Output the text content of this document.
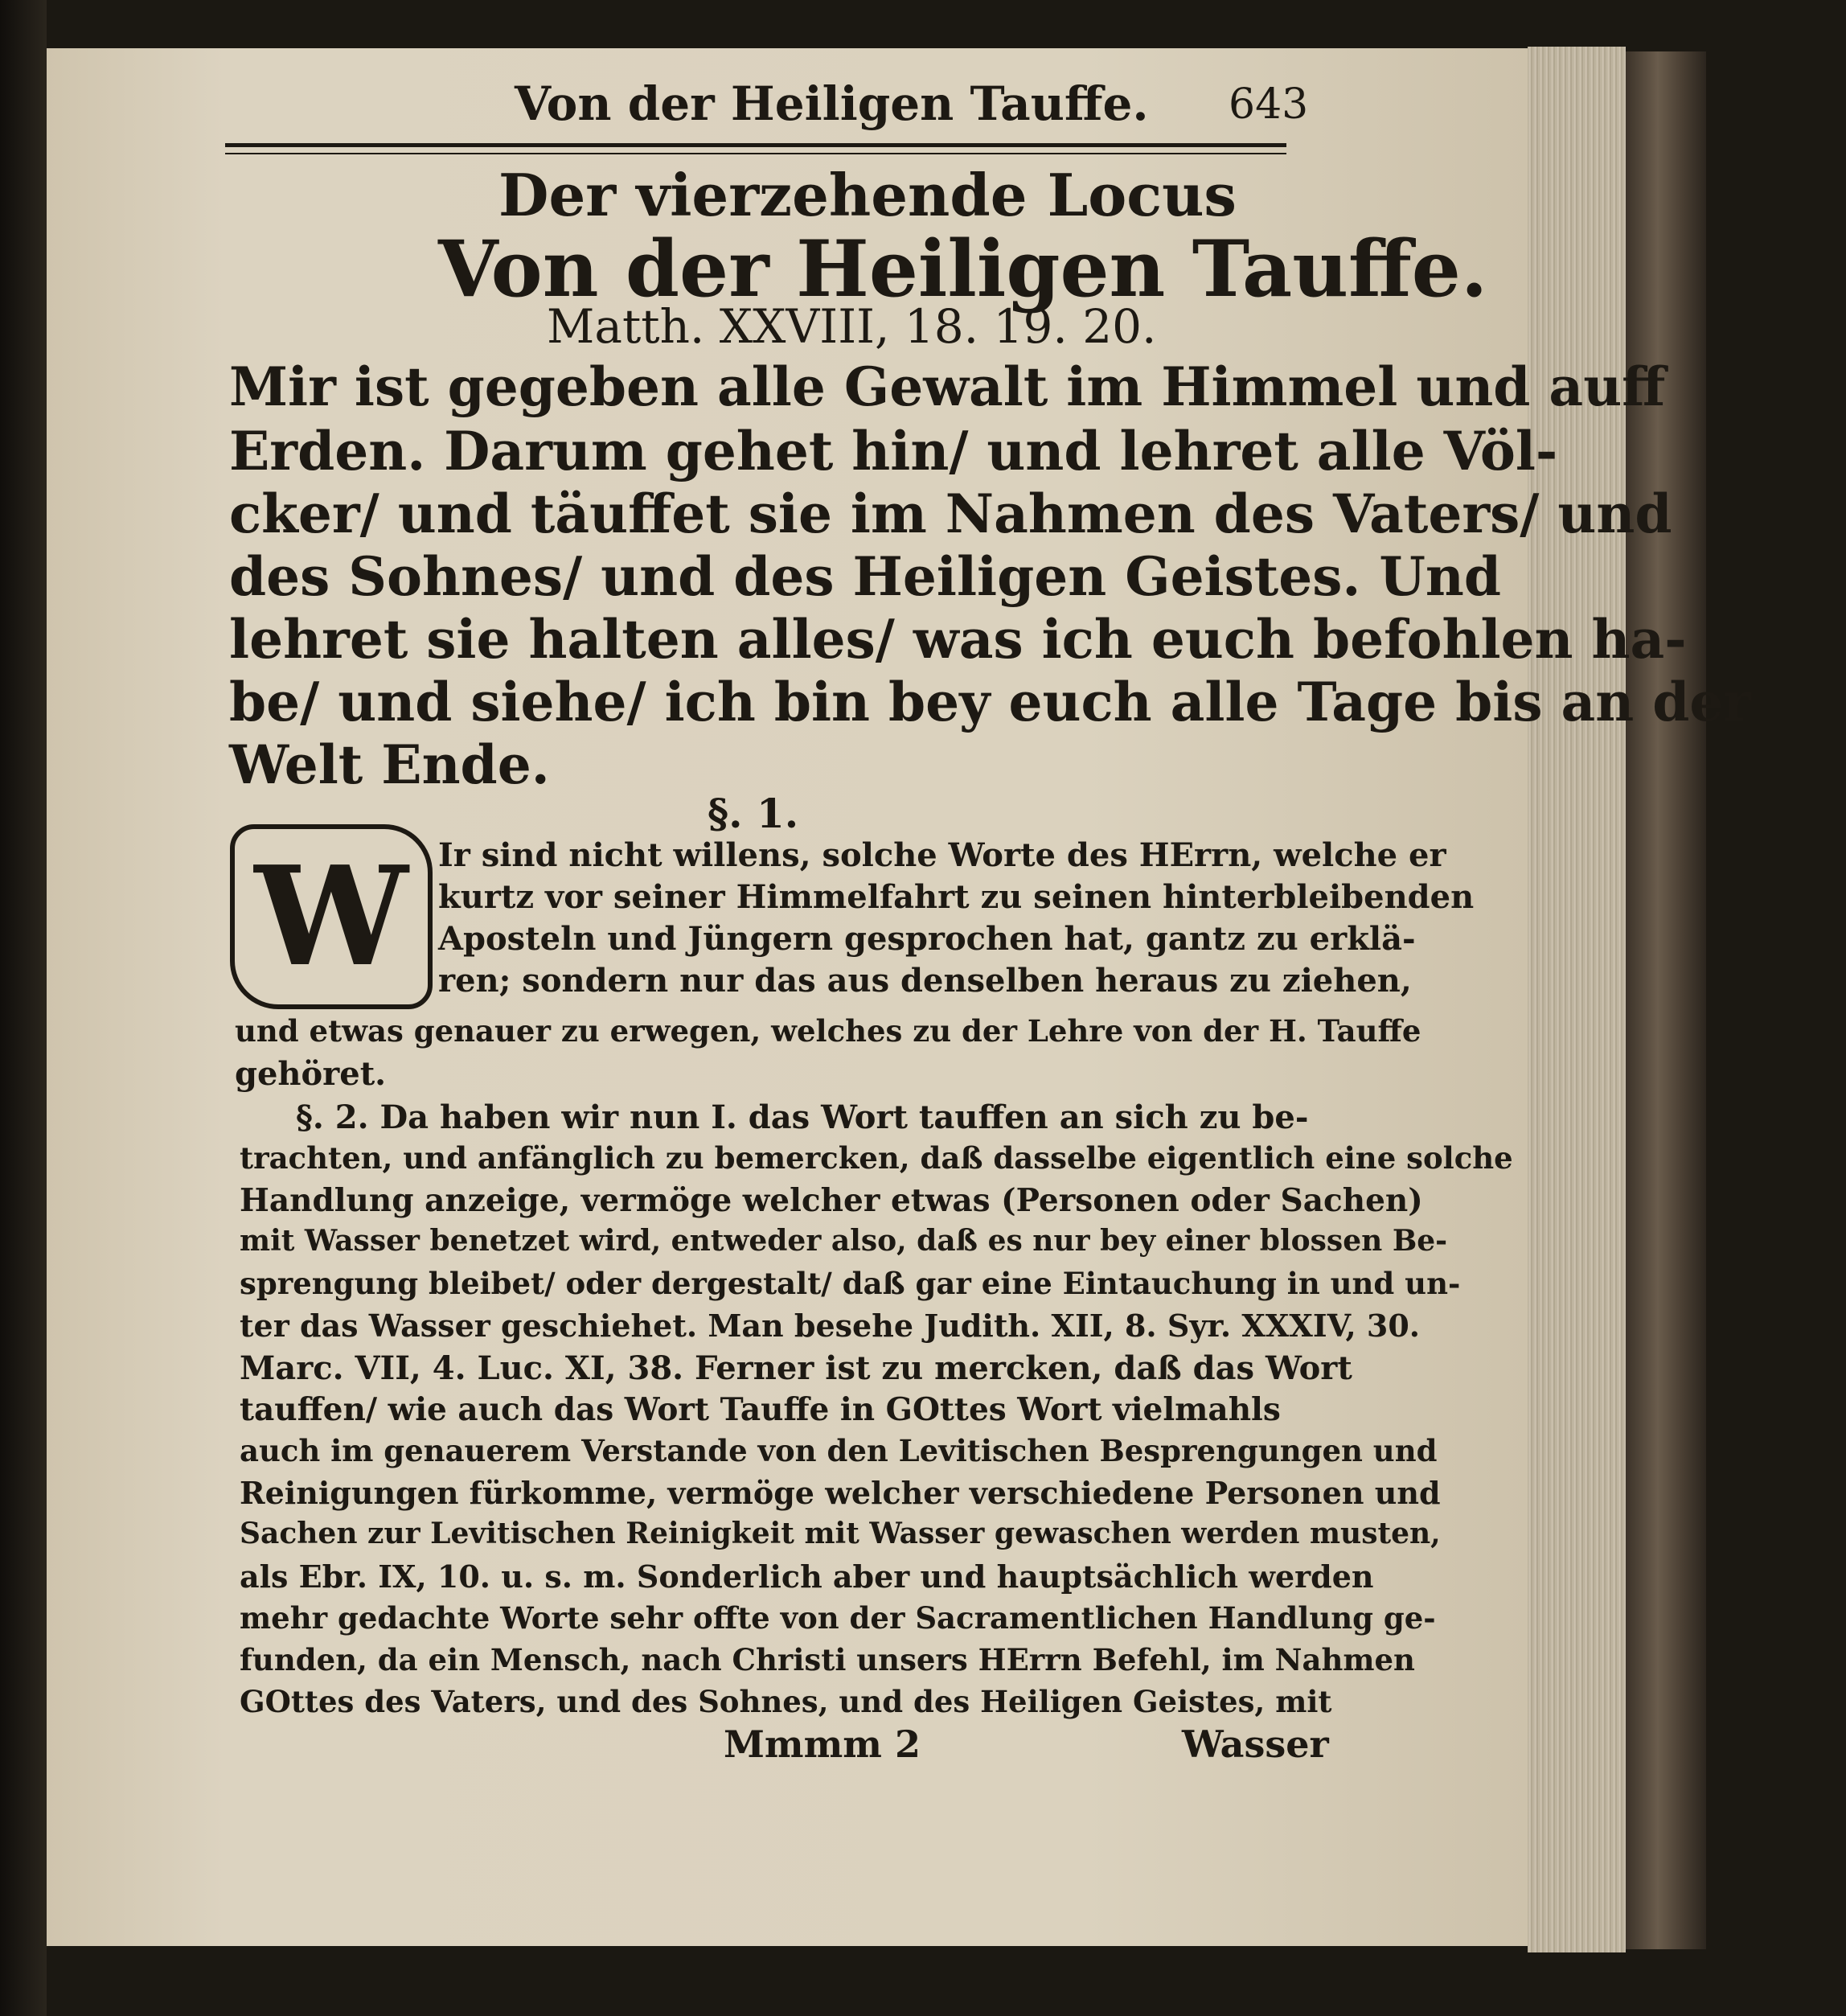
Von der Heiligen Tauffe. 643
Der vierzehende Locus
Von der Heiligen Tauffe.
Matth. XXVIII, 18. 19. 20.
Mir ist gegeben alle Gewalt im Himmel und auff
Erden. Darum gehet hin/ und lehret alle Völ-
cker/ und täuffet sie im Nahmen des Vaters/ und
des Sohnes/ und des Heiligen Geistes. Und
lehret sie halten alles/ was ich euch befohlen ha-
be/ und siehe/ ich bin bey euch alle Tage bis an der
Welt Ende.
§. 1.
W Ir sind nicht willens, solche Worte des HErrn, welche er
kurtz vor seiner Himmelfahrt zu seinen hinterbleibenden
Aposteln und Jüngern gesprochen hat, gantz zu erklä-
ren; sondern nur das aus denselben heraus zu ziehen,
und etwas genauer zu erwegen, welches zu der Lehre von der H. Tauffe
gehöret.
§. 2. Da haben wir nun I. das Wort tauffen an sich zu be-
trachten, und anfänglich zu bemercken, daß dasselbe eigentlich eine solche
Handlung anzeige, vermöge welcher etwas (Personen oder Sachen)
mit Wasser benetzet wird, entweder also, daß es nur bey einer blossen Be-
sprengung bleibet/ oder dergestalt/ daß gar eine Eintauchung in und un-
ter das Wasser geschiehet. Man besehe Judith. XII, 8. Syr. XXXIV, 30.
Marc. VII, 4. Luc. XI, 38. Ferner ist zu mercken, daß das Wort
tauffen/ wie auch das Wort Tauffe in GOttes Wort vielmahls
auch im genauerem Verstande von den Levitischen Besprengungen und
Reinigungen fürkomme, vermöge welcher verschiedene Personen und
Sachen zur Levitischen Reinigkeit mit Wasser gewaschen werden musten,
als Ebr. IX, 10. u. s. m. Sonderlich aber und hauptsächlich werden
mehr gedachte Worte sehr offte von der Sacramentlichen Handlung ge-
funden, da ein Mensch, nach Christi unsers HErrn Befehl, im Nahmen
GOttes des Vaters, und des Sohnes, und des Heiligen Geistes, mit
Mmmm 2	Wasser
